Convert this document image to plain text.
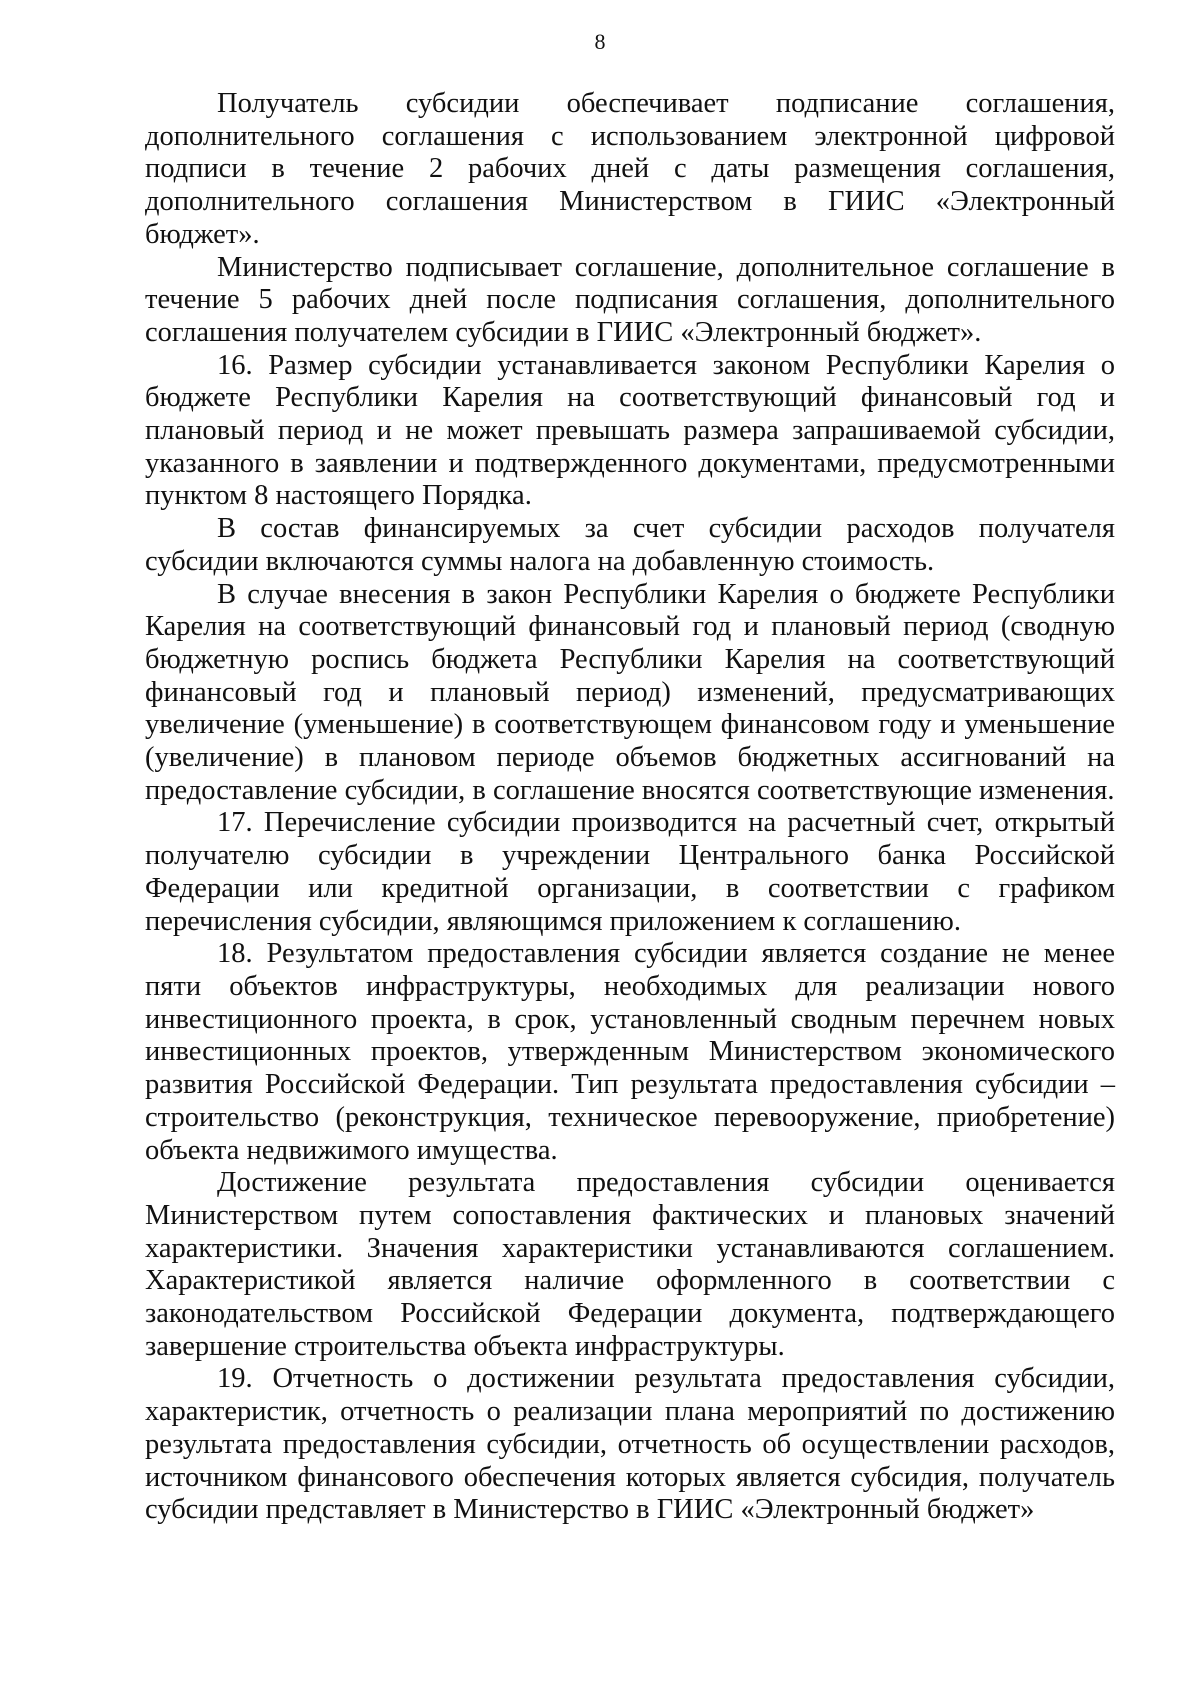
8

Получатель субсидии обеспечивает подписание соглашения, дополнительного соглашения с использованием электронной цифровой подписи в течение 2 рабочих дней с даты размещения соглашения, дополнительного соглашения Министерством в ГИИС «Электронный бюджет».

Министерство подписывает соглашение, дополнительное соглашение в течение 5 рабочих дней после подписания соглашения, дополнительного соглашения получателем субсидии в ГИИС «Электронный бюджет».

16. Размер субсидии устанавливается законом Республики Карелия о бюджете Республики Карелия на соответствующий финансовый год и плановый период и не может превышать размера запрашиваемой субсидии, указанного в заявлении и подтвержденного документами, предусмотренными пунктом 8 настоящего Порядка.

В состав финансируемых за счет субсидии расходов получателя субсидии включаются суммы налога на добавленную стоимость.

В случае внесения в закон Республики Карелия о бюджете Республики Карелия на соответствующий финансовый год и плановый период (сводную бюджетную роспись бюджета Республики Карелия на соответствующий финансовый год и плановый период) изменений, предусматривающих увеличение (уменьшение) в соответствующем финансовом году и уменьшение (увеличение) в плановом периоде объемов бюджетных ассигнований на предоставление субсидии, в соглашение вносятся соответствующие изменения.

17. Перечисление субсидии производится на расчетный счет, открытый получателю субсидии в учреждении Центрального банка Российской Федерации или кредитной организации, в соответствии с графиком перечисления субсидии, являющимся приложением к соглашению.

18. Результатом предоставления субсидии является создание не менее пяти объектов инфраструктуры, необходимых для реализации нового инвестиционного проекта, в срок, установленный сводным перечнем новых инвестиционных проектов, утвержденным Министерством экономического развития Российской Федерации. Тип результата предоставления субсидии – строительство (реконструкция, техническое перевооружение, приобретение) объекта недвижимого имущества.

Достижение результата предоставления субсидии оценивается Министерством путем сопоставления фактических и плановых значений характеристики. Значения характеристики устанавливаются соглашением. Характеристикой является наличие оформленного в соответствии с законодательством Российской Федерации документа, подтверждающего завершение строительства объекта инфраструктуры.

19. Отчетность о достижении результата предоставления субсидии, характеристик, отчетность о реализации плана мероприятий по достижению результата предоставления субсидии, отчетность об осуществлении расходов, источником финансового обеспечения которых является субсидия, получатель субсидии представляет в Министерство в ГИИС «Электронный бюджет»
